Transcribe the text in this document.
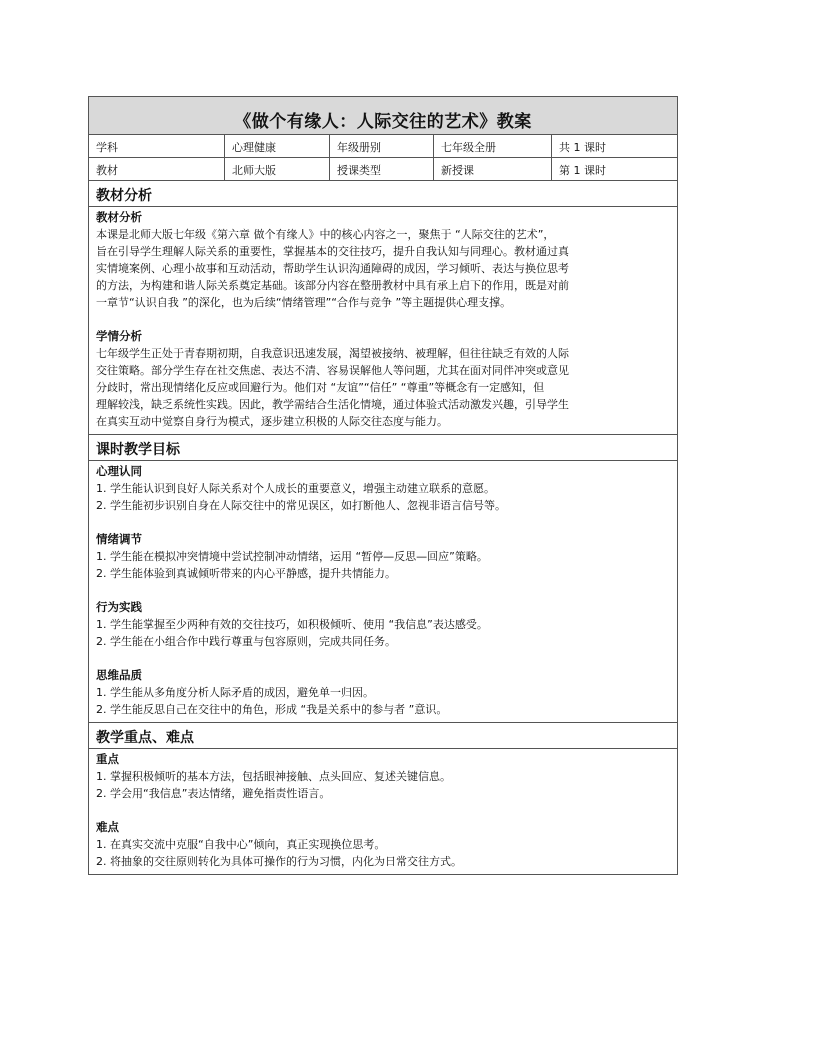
《做个有缘人：人际交往的艺术》教案
学科	心理健康	年级册别	七年级全册	共 1 课时
教材	北师大版	授课类型	新授课	第 1 课时
教材分析
教材分析
本课是北师大版七年级《第六章 做个有缘人》中的核心内容之一，聚焦于 “人际交往的艺术”，
旨在引导学生理解人际关系的重要性，掌握基本的交往技巧，提升自我认知与同理心。教材通过真
实情境案例、心理小故事和互动活动，帮助学生认识沟通障碍的成因，学习倾听、表达与换位思考
的方法，为构建和谐人际关系奠定基础。该部分内容在整册教材中具有承上启下的作用，既是对前
一章节“认识自我 ”的深化，也为后续“情绪管理”“合作与竞争 ”等主题提供心理支撑。
学情分析
七年级学生正处于青春期初期，自我意识迅速发展，渴望被接纳、被理解，但往往缺乏有效的人际
交往策略。部分学生存在社交焦虑、表达不清、容易误解他人等问题，尤其在面对同伴冲突或意见
分歧时，常出现情绪化反应或回避行为。他们对 “友谊”“信任” “尊重”等概念有一定感知，但
理解较浅，缺乏系统性实践。因此，教学需结合生活化情境，通过体验式活动激发兴趣，引导学生
在真实互动中觉察自身行为模式，逐步建立积极的人际交往态度与能力。
课时教学目标
心理认同
1. 学生能认识到良好人际关系对个人成长的重要意义，增强主动建立联系的意愿。
2. 学生能初步识别自身在人际交往中的常见误区，如打断他人、忽视非语言信号等。
情绪调节
1. 学生能在模拟冲突情境中尝试控制冲动情绪，运用 “暂停—反思—回应”策略。
2. 学生能体验到真诚倾听带来的内心平静感，提升共情能力。
行为实践
1. 学生能掌握至少两种有效的交往技巧，如积极倾听、使用 “我信息”表达感受。
2. 学生能在小组合作中践行尊重与包容原则，完成共同任务。
思维品质
1. 学生能从多角度分析人际矛盾的成因，避免单一归因。
2. 学生能反思自己在交往中的角色，形成 “我是关系中的参与者 ”意识。
教学重点、难点
重点
1. 掌握积极倾听的基本方法，包括眼神接触、点头回应、复述关键信息。
2. 学会用“我信息”表达情绪，避免指责性语言。
难点
1. 在真实交流中克服“自我中心”倾向，真正实现换位思考。
2. 将抽象的交往原则转化为具体可操作的行为习惯，内化为日常交往方式。
